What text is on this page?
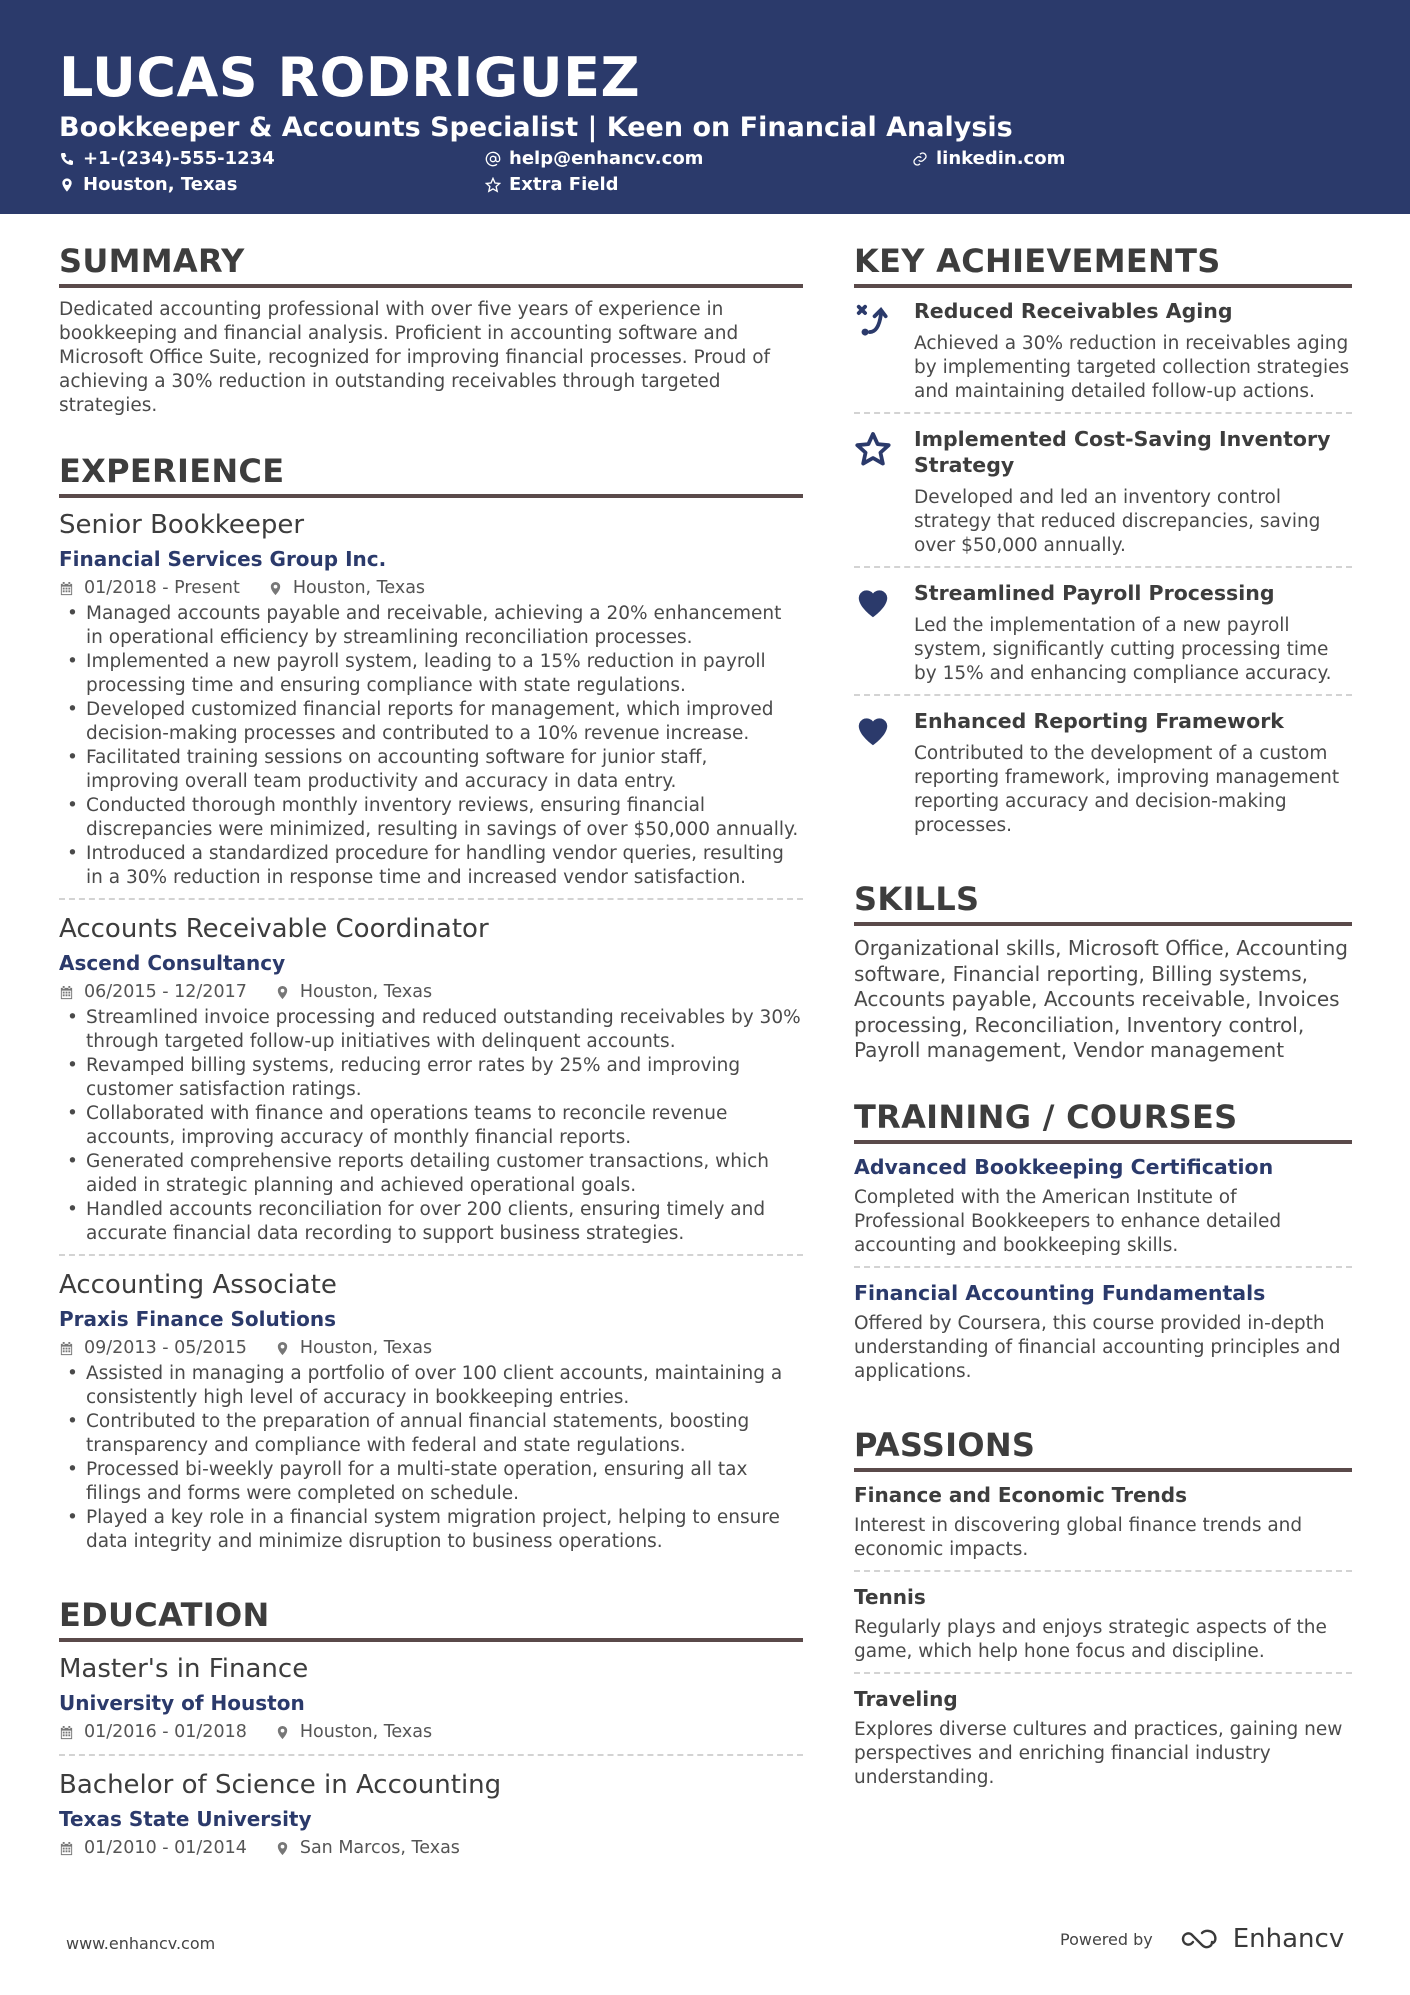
LUCAS RODRIGUEZ
Bookkeeper & Accounts Specialist | Keen on Financial Analysis
+1-(234)-555-1234	help@enhancv.com	linkedin.com
Houston, Texas	Extra Field
SUMMARY
Dedicated accounting professional with over five years of experience in bookkeeping and financial analysis. Proficient in accounting software and Microsoft Office Suite, recognized for improving financial processes. Proud of achieving a 30% reduction in outstanding receivables through targeted strategies.
EXPERIENCE
Senior Bookkeeper
Financial Services Group Inc.
01/2018 - Present	Houston, Texas
• Managed accounts payable and receivable, achieving a 20% enhancement in operational efficiency by streamlining reconciliation processes.
• Implemented a new payroll system, leading to a 15% reduction in payroll processing time and ensuring compliance with state regulations.
• Developed customized financial reports for management, which improved decision-making processes and contributed to a 10% revenue increase.
• Facilitated training sessions on accounting software for junior staff, improving overall team productivity and accuracy in data entry.
• Conducted thorough monthly inventory reviews, ensuring financial discrepancies were minimized, resulting in savings of over $50,000 annually.
• Introduced a standardized procedure for handling vendor queries, resulting in a 30% reduction in response time and increased vendor satisfaction.
Accounts Receivable Coordinator
Ascend Consultancy
06/2015 - 12/2017	Houston, Texas
• Streamlined invoice processing and reduced outstanding receivables by 30% through targeted follow-up initiatives with delinquent accounts.
• Revamped billing systems, reducing error rates by 25% and improving customer satisfaction ratings.
• Collaborated with finance and operations teams to reconcile revenue accounts, improving accuracy of monthly financial reports.
• Generated comprehensive reports detailing customer transactions, which aided in strategic planning and achieved operational goals.
• Handled accounts reconciliation for over 200 clients, ensuring timely and accurate financial data recording to support business strategies.
Accounting Associate
Praxis Finance Solutions
09/2013 - 05/2015	Houston, Texas
• Assisted in managing a portfolio of over 100 client accounts, maintaining a consistently high level of accuracy in bookkeeping entries.
• Contributed to the preparation of annual financial statements, boosting transparency and compliance with federal and state regulations.
• Processed bi-weekly payroll for a multi-state operation, ensuring all tax filings and forms were completed on schedule.
• Played a key role in a financial system migration project, helping to ensure data integrity and minimize disruption to business operations.
EDUCATION
Master's in Finance
University of Houston
01/2016 - 01/2018	Houston, Texas
Bachelor of Science in Accounting
Texas State University
01/2010 - 01/2014	San Marcos, Texas
KEY ACHIEVEMENTS
Reduced Receivables Aging
Achieved a 30% reduction in receivables aging by implementing targeted collection strategies and maintaining detailed follow-up actions.
Implemented Cost-Saving Inventory Strategy
Developed and led an inventory control strategy that reduced discrepancies, saving over $50,000 annually.
Streamlined Payroll Processing
Led the implementation of a new payroll system, significantly cutting processing time by 15% and enhancing compliance accuracy.
Enhanced Reporting Framework
Contributed to the development of a custom reporting framework, improving management reporting accuracy and decision-making processes.
SKILLS
Organizational skills, Microsoft Office, Accounting software, Financial reporting, Billing systems, Accounts payable, Accounts receivable, Invoices processing, Reconciliation, Inventory control, Payroll management, Vendor management
TRAINING / COURSES
Advanced Bookkeeping Certification
Completed with the American Institute of Professional Bookkeepers to enhance detailed accounting and bookkeeping skills.
Financial Accounting Fundamentals
Offered by Coursera, this course provided in-depth understanding of financial accounting principles and applications.
PASSIONS
Finance and Economic Trends
Interest in discovering global finance trends and economic impacts.
Tennis
Regularly plays and enjoys strategic aspects of the game, which help hone focus and discipline.
Traveling
Explores diverse cultures and practices, gaining new perspectives and enriching financial industry understanding.
www.enhancv.com	Powered by	Enhancv
